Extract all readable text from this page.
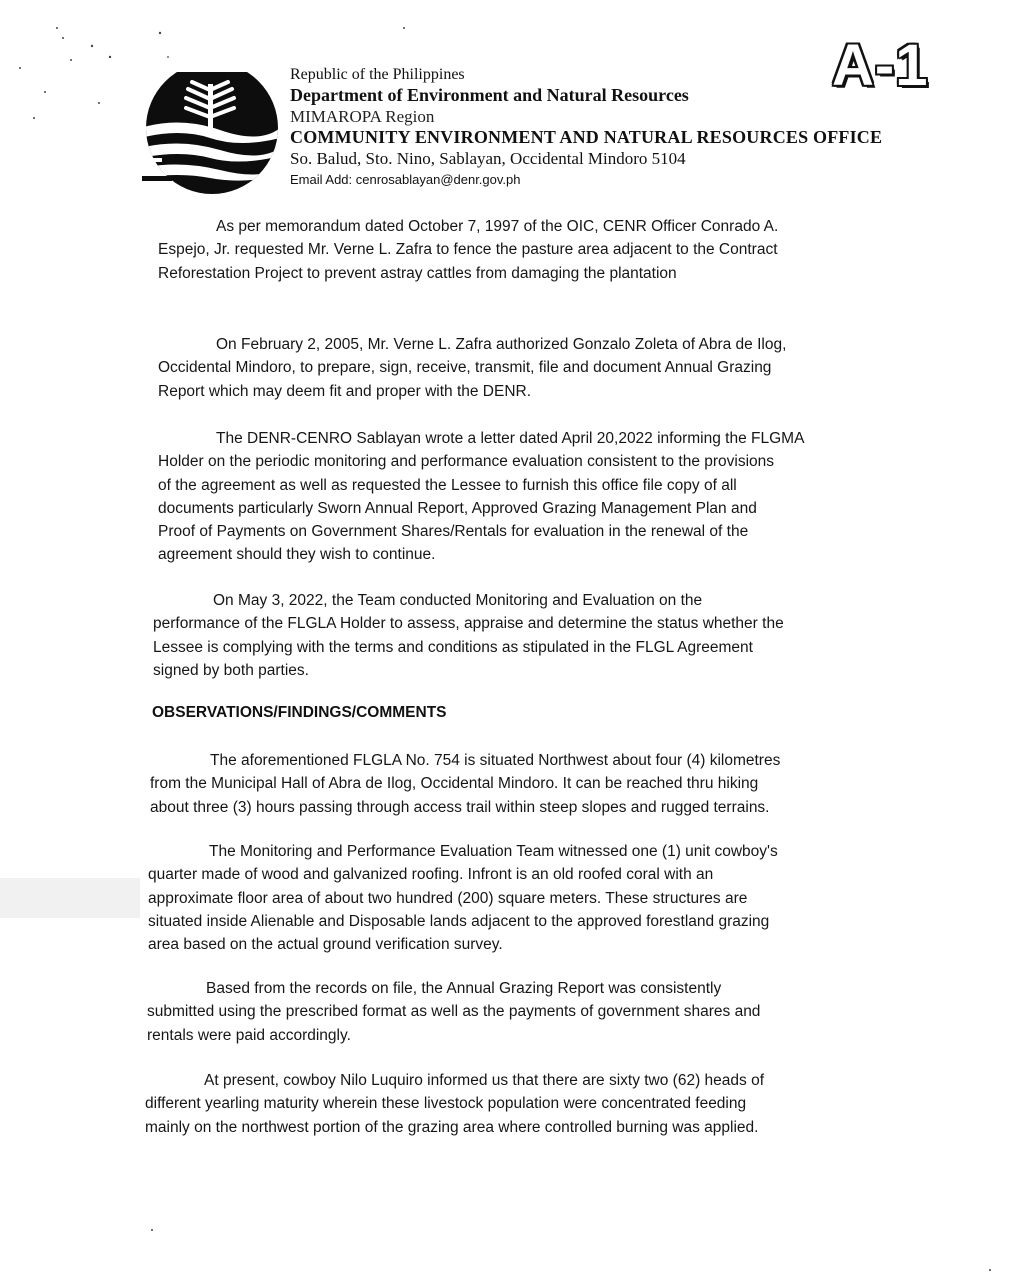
Republic of the Philippines
Department of Environment and Natural Resources
MIMAROPA Region
COMMUNITY ENVIRONMENT AND NATURAL RESOURCES OFFICE
So. Balud, Sto. Nino, Sablayan, Occidental Mindoro 5104
Email Add: cenrosablayan@denr.gov.ph
A-1
As per memorandum dated October 7, 1997 of the OIC, CENR Officer Conrado A.
Espejo, Jr. requested Mr. Verne L. Zafra to fence the pasture area adjacent to the Contract
Reforestation Project to prevent astray cattles from damaging the plantation
On February 2, 2005, Mr. Verne L. Zafra authorized Gonzalo Zoleta of Abra de Ilog,
Occidental Mindoro, to prepare, sign, receive, transmit, file and document Annual Grazing
Report which may deem fit and proper with the DENR.
The DENR-CENRO Sablayan wrote a letter dated April 20,2022 informing the FLGMA
Holder on the periodic monitoring and performance evaluation consistent to the provisions
of the agreement as well as requested the Lessee to furnish this office file copy of all
documents particularly Sworn Annual Report, Approved Grazing Management Plan and
Proof of Payments on Government Shares/Rentals for evaluation in the renewal of the
agreement should they wish to continue.
On May 3, 2022, the Team conducted Monitoring and Evaluation on the
performance of the FLGLA Holder to assess, appraise and determine the status whether the
Lessee is complying with the terms and conditions as stipulated in the FLGL Agreement
signed by both parties.
OBSERVATIONS/FINDINGS/COMMENTS
The aforementioned FLGLA No. 754 is situated Northwest about four (4) kilometres
from the Municipal Hall of Abra de Ilog, Occidental Mindoro. It can be reached thru hiking
about three (3) hours passing through access trail within steep slopes and rugged terrains.
The Monitoring and Performance Evaluation Team witnessed one (1) unit cowboy's
quarter made of wood and galvanized roofing. Infront is an old roofed coral with an
approximate floor area of about two hundred (200) square meters. These structures are
situated inside Alienable and Disposable lands adjacent to the approved forestland grazing
area based on the actual ground verification survey.
Based from the records on file, the Annual Grazing Report was consistently
submitted using the prescribed format as well as the payments of government shares and
rentals were paid accordingly.
At present, cowboy Nilo Luquiro informed us that there are sixty two (62) heads of
different yearling maturity wherein these livestock population were concentrated feeding
mainly on the northwest portion of the grazing area where controlled burning was applied.
